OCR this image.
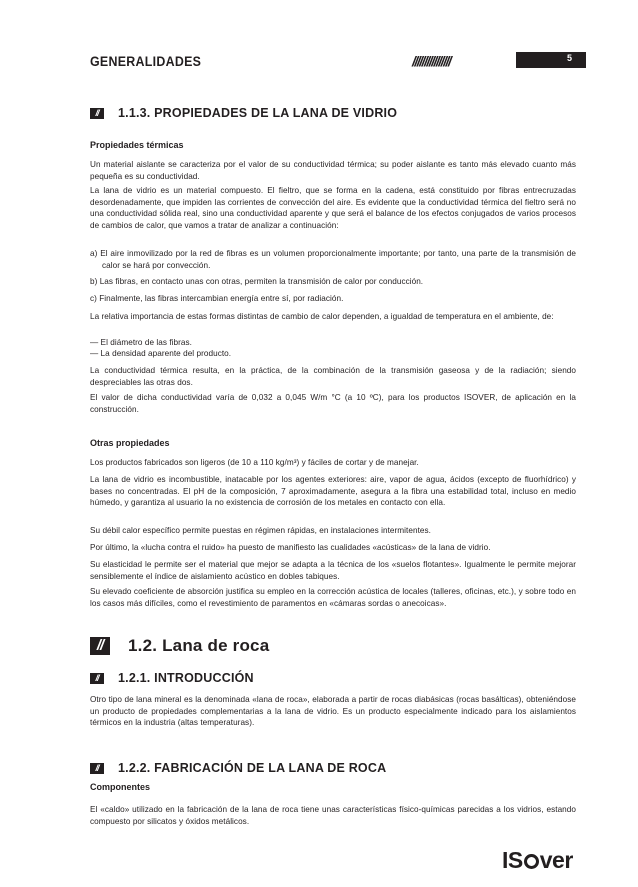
GENERALIDADES	////////////////	5
//	1.1.3. PROPIEDADES DE LA LANA DE VIDRIO
Propiedades térmicas
Un material aislante se caracteriza por el valor de su conductividad térmica; su poder aislante es tanto más elevado cuanto más pequeña es su conductividad.
La lana de vidrio es un material compuesto. El fieltro, que se forma en la cadena, está constituido por fibras entrecruzadas desordenadamente, que impiden las corrientes de convección del aire. Es evidente que la conductividad térmica del fieltro será no una conductividad sólida real, sino una conductividad aparente y que será el balance de los efectos conjugados de varios procesos de cambios de calor, que vamos a tratar de analizar a continuación:
a) El aire inmovilizado por la red de fibras es un volumen proporcionalmente importante; por tanto, una parte de la transmisión de calor se hará por convección.
b) Las fibras, en contacto unas con otras, permiten la transmisión de calor por conducción.
c) Finalmente, las fibras intercambian energía entre sí, por radiación.
La relativa importancia de estas formas distintas de cambio de calor dependen, a igualdad de temperatura en el ambiente, de:
— El diámetro de las fibras.
— La densidad aparente del producto.
La conductividad térmica resulta, en la práctica, de la combinación de la transmisión gaseosa y de la radiación; siendo despreciables las otras dos.
El valor de dicha conductividad varía de 0,032 a 0,045 W/m °C (a 10 ºC), para los productos ISOVER, de aplicación en la construcción.
Otras propiedades
Los productos fabricados son ligeros (de 10 a 110 kg/m³) y fáciles de cortar y de manejar.
La lana de vidrio es incombustible, inatacable por los agentes exteriores: aire, vapor de agua, ácidos (excepto de fluorhídrico) y bases no concentradas. El pH de la composición, 7 aproximadamente, asegura a la fibra una estabilidad total, incluso en medio húmedo, y garantiza al usuario la no existencia de corrosión de los metales en contacto con ella.
Su débil calor específico permite puestas en régimen rápidas, en instalaciones intermitentes.
Por último, la «lucha contra el ruido» ha puesto de manifiesto las cualidades «acústicas» de la lana de vidrio.
Su elasticidad le permite ser el material que mejor se adapta a la técnica de los «suelos flotantes». Igualmente le permite mejorar sensiblemente el índice de aislamiento acústico en dobles tabiques.
Su elevado coeficiente de absorción justifica su empleo en la corrección acústica de locales (talleres, oficinas, etc.), y sobre todo en los casos más difíciles, como el revestimiento de paramentos en «cámaras sordas o anecoicas».
//	1.2. Lana de roca
//	1.2.1. INTRODUCCIÓN
Otro tipo de lana mineral es la denominada «lana de roca», elaborada a partir de rocas diabásicas (rocas basálticas), obteniéndose un producto de propiedades complementarias a la lana de vidrio. Es un producto especialmente indicado para los aislamientos térmicos en la industria (altas temperaturas).
//	1.2.2. FABRICACIÓN DE LA LANA DE ROCA
Componentes
El «caldo» utilizado en la fabricación de la lana de roca tiene unas características físico-químicas parecidas a los vidrios, estando compuesto por silicatos y óxidos metálicos.
IS ver
